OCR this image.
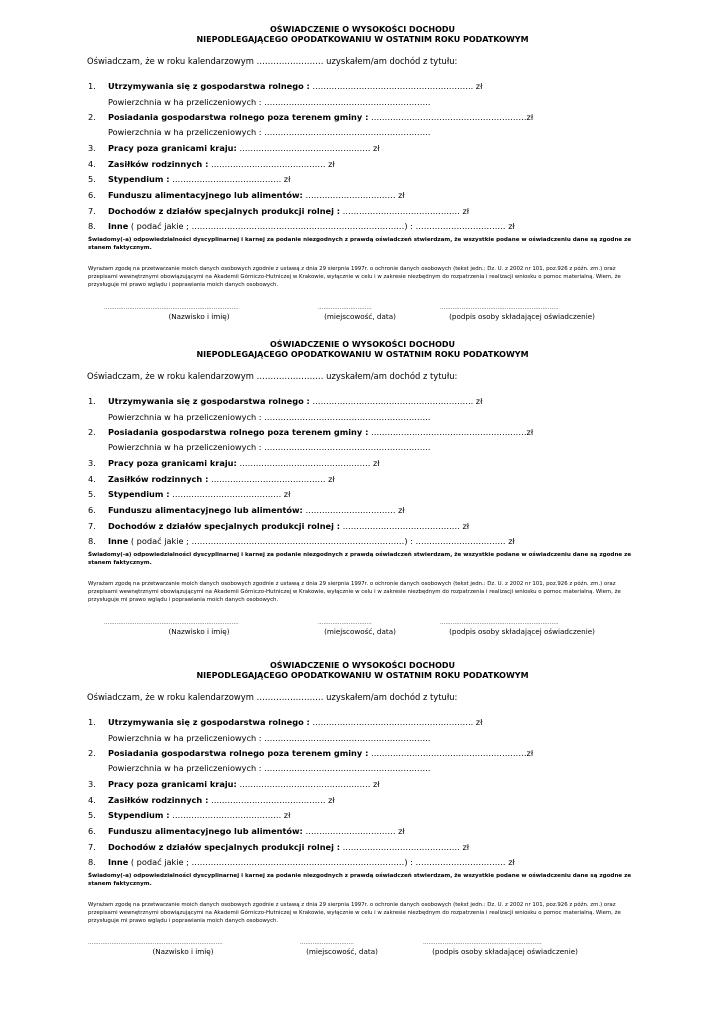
OŚWIADCZENIE O WYSOKOŚCI DOCHODU
NIEPODLEGAJĄCEGO OPODATKOWANIU W OSTATNIM ROKU PODATKOWYM
Oświadczam, że w roku kalendarzowym …………………… uzyskałem/am dochód z tytułu:
1. Utrzymywania się z gospodarstwa rolnego : ………………………………………………….. zł
Powierzchnia w ha przeliczeniowych : …………………………………………………….
2. Posiadania gospodarstwa rolnego poza terenem gminy : …………………………………………………zł
Powierzchnia w ha przeliczeniowych : …………………………………………………….
3. Pracy poza granicami kraju: ………………………………………… zł
4. Zasiłków rodzinnych : …………………………………… zł
5. Stypendium : …………………………………. zł
6. Funduszu alimentacyjnego lub alimentów: …………………………… zł
7. Dochodów z działów specjalnych produkcji rolnej : ……………………………………. zł
8. Inne ( podać jakie ; ……………………………………………………………………) : …………………………… zł
Świadomy(-a) odpowiedzialności dyscyplinarnej i karnej za podanie niezgodnych z prawdą oświadczeń stwierdzam, że wszystkie podane w oświadczeniu dane są zgodne ze stanem faktycznym.
Wyrażam zgodę na przetwarzanie moich danych osobowych zgodnie z ustawą z dnia 29 sierpnia 1997r. o ochronie danych osobowych (tekst jedn.: Dz. U. z 2002 nr 101, poz.926 z późn. zm.) oraz przepisami wewnętrznymi obowiązującymi na Akademii Górniczo-Hutniczej w Krakowie, wyłącznie w celu i w zakresie niezbędnym do rozpatrzenia i realizacji wniosku o pomoc materialną. Wiem, że przysługuje mi prawo wglądu i poprawiania moich danych osobowych.
…………………………………………………………………	…………………………	…………………………………………………………
(Nazwisko i imię)	(miejscowość, data)	(podpis osoby składającej oświadczenie)
OŚWIADCZENIE O WYSOKOŚCI DOCHODU
NIEPODLEGAJĄCEGO OPODATKOWANIU W OSTATNIM ROKU PODATKOWYM
Oświadczam, że w roku kalendarzowym …………………… uzyskałem/am dochód z tytułu:
1. Utrzymywania się z gospodarstwa rolnego : ………………………………………………….. zł
Powierzchnia w ha przeliczeniowych : …………………………………………………….
2. Posiadania gospodarstwa rolnego poza terenem gminy : …………………………………………………zł
Powierzchnia w ha przeliczeniowych : …………………………………………………….
3. Pracy poza granicami kraju: ………………………………………… zł
4. Zasiłków rodzinnych : …………………………………… zł
5. Stypendium : …………………………………. zł
6. Funduszu alimentacyjnego lub alimentów: …………………………… zł
7. Dochodów z działów specjalnych produkcji rolnej : ……………………………………. zł
8. Inne ( podać jakie ; ……………………………………………………………………) : …………………………… zł
Świadomy(-a) odpowiedzialności dyscyplinarnej i karnej za podanie niezgodnych z prawdą oświadczeń stwierdzam, że wszystkie podane w oświadczeniu dane są zgodne ze stanem faktycznym.
Wyrażam zgodę na przetwarzanie moich danych osobowych zgodnie z ustawą z dnia 29 sierpnia 1997r. o ochronie danych osobowych (tekst jedn.: Dz. U. z 2002 nr 101, poz.926 z późn. zm.) oraz przepisami wewnętrznymi obowiązującymi na Akademii Górniczo-Hutniczej w Krakowie, wyłącznie w celu i w zakresie niezbędnym do rozpatrzenia i realizacji wniosku o pomoc materialną. Wiem, że przysługuje mi prawo wglądu i poprawiania moich danych osobowych.
…………………………………………………………………	…………………………	…………………………………………………………
(Nazwisko i imię)	(miejscowość, data)	(podpis osoby składającej oświadczenie)
OŚWIADCZENIE O WYSOKOŚCI DOCHODU
NIEPODLEGAJĄCEGO OPODATKOWANIU W OSTATNIM ROKU PODATKOWYM
Oświadczam, że w roku kalendarzowym …………………… uzyskałem/am dochód z tytułu:
1. Utrzymywania się z gospodarstwa rolnego : ………………………………………………….. zł
Powierzchnia w ha przeliczeniowych : …………………………………………………….
2. Posiadania gospodarstwa rolnego poza terenem gminy : …………………………………………………zł
Powierzchnia w ha przeliczeniowych : …………………………………………………….
3. Pracy poza granicami kraju: ………………………………………… zł
4. Zasiłków rodzinnych : …………………………………… zł
5. Stypendium : …………………………………. zł
6. Funduszu alimentacyjnego lub alimentów: …………………………… zł
7. Dochodów z działów specjalnych produkcji rolnej : ……………………………………. zł
8. Inne ( podać jakie ; ……………………………………………………………………) : …………………………… zł
Świadomy(-a) odpowiedzialności dyscyplinarnej i karnej za podanie niezgodnych z prawdą oświadczeń stwierdzam, że wszystkie podane w oświadczeniu dane są zgodne ze stanem faktycznym.
Wyrażam zgodę na przetwarzanie moich danych osobowych zgodnie z ustawą z dnia 29 sierpnia 1997r. o ochronie danych osobowych (tekst jedn.: Dz. U. z 2002 nr 101, poz.926 z późn. zm.) oraz przepisami wewnętrznymi obowiązującymi na Akademii Górniczo-Hutniczej w Krakowie, wyłącznie w celu i w zakresie niezbędnym do rozpatrzenia i realizacji wniosku o pomoc materialną. Wiem, że przysługuje mi prawo wglądu i poprawiania moich danych osobowych.
…………………………………………………………………	…………………………	…………………………………………………………
(Nazwisko i imię)	(miejscowość, data)	(podpis osoby składającej oświadczenie)
